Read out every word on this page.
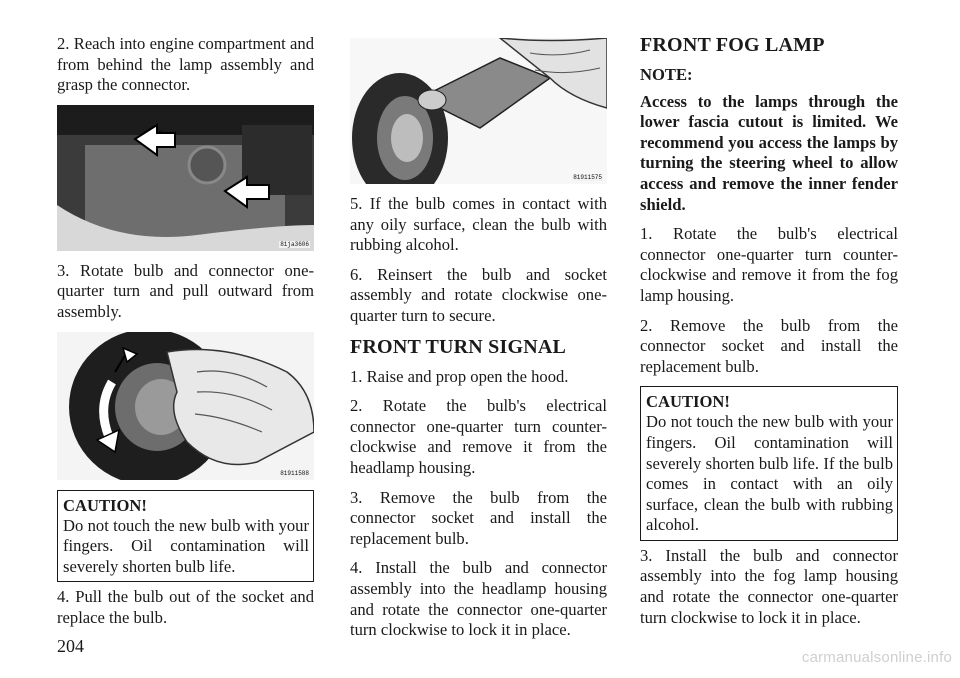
2. Reach into engine compartment and from behind the lamp assembly and grasp the connector.

81ja3606

3. Rotate bulb and connector one-quarter turn and pull outward from assembly.

81911588
CAUTION!

Do not touch the new bulb with your fingers. Oil contamination will severely shorten bulb life.

4. Pull the bulb out of the socket and replace the bulb.

81911575

5. If the bulb comes in contact with any oily surface, clean the bulb with rubbing alcohol.

6. Reinsert the bulb and socket assembly and rotate clockwise one-quarter turn to secure.

FRONT TURN SIGNAL

1. Raise and prop open the hood.

2. Rotate the bulb's electrical connector one-quarter turn counter-clockwise and remove it from the headlamp housing.

3. Remove the bulb from the connector socket and install the replacement bulb.

4. Install the bulb and connector assembly into the headlamp housing and rotate the connector one-quarter turn clockwise to lock it in place.

FRONT FOG LAMP

NOTE:

Access to the lamps through the lower fascia cutout is limited. We recommend you access the lamps by turning the steering wheel to allow access and remove the inner fender shield.

1. Rotate the bulb's electrical connector one-quarter turn counter-clockwise and remove it from the fog lamp housing.

2. Remove the bulb from the connector socket and install the replacement bulb.

CAUTION!

Do not touch the new bulb with your fingers. Oil contamination will severely shorten bulb life. If the bulb comes in contact with an oily surface, clean the bulb with rubbing alcohol.

3. Install the bulb and connector assembly into the fog lamp housing and rotate the connector one-quarter turn clockwise to lock it in place.

204
carmanualsonline.info
